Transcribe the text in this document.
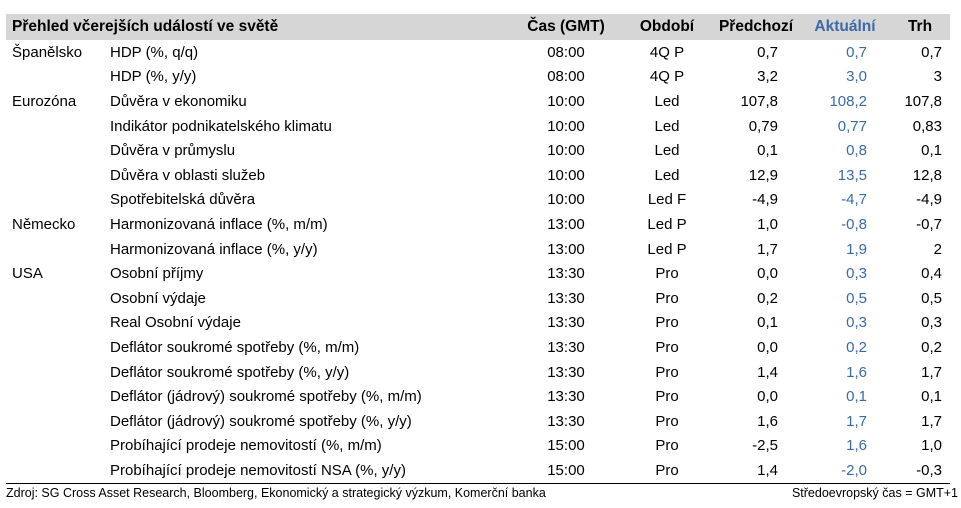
Přehled včerejších událostí ve světě		Čas (GMT)	Období	Předchozí	Aktuální	Trh
Španělsko	HDP (%, q/q)	08:00	4Q P	0,7	0,7	0,7
	HDP (%, y/y)	08:00	4Q P	3,2	3,0	3
Eurozóna	Důvěra v ekonomiku	10:00	Led	107,8	108,2	107,8
	Indikátor podnikatelského klimatu	10:00	Led	0,79	0,77	0,83
	Důvěra v průmyslu	10:00	Led	0,1	0,8	0,1
	Důvěra v oblasti služeb	10:00	Led	12,9	13,5	12,8
	Spotřebitelská důvěra	10:00	Led F	-4,9	-4,7	-4,9
Německo	Harmonizovaná inflace (%, m/m)	13:00	Led P	1,0	-0,8	-0,7
	Harmonizovaná inflace (%, y/y)	13:00	Led P	1,7	1,9	2
USA	Osobní příjmy	13:30	Pro	0,0	0,3	0,4
	Osobní výdaje	13:30	Pro	0,2	0,5	0,5
	Real Osobní výdaje	13:30	Pro	0,1	0,3	0,3
	Deflátor soukromé spotřeby (%, m/m)	13:30	Pro	0,0	0,2	0,2
	Deflátor soukromé spotřeby (%, y/y)	13:30	Pro	1,4	1,6	1,7
	Deflátor (jádrový) soukromé spotřeby (%, m/m)	13:30	Pro	0,0	0,1	0,1
	Deflátor (jádrový) soukromé spotřeby (%, y/y)	13:30	Pro	1,6	1,7	1,7
	Probíhající prodeje nemovitostí (%, m/m)	15:00	Pro	-2,5	1,6	1,0
	Probíhající prodeje nemovitostí NSA (%, y/y)	15:00	Pro	1,4	-2,0	-0,3
Zdroj: SG Cross Asset Research, Bloomberg, Ekonomický a strategický výzkum, Komerční banka	Středoevropský čas = GMT+1
